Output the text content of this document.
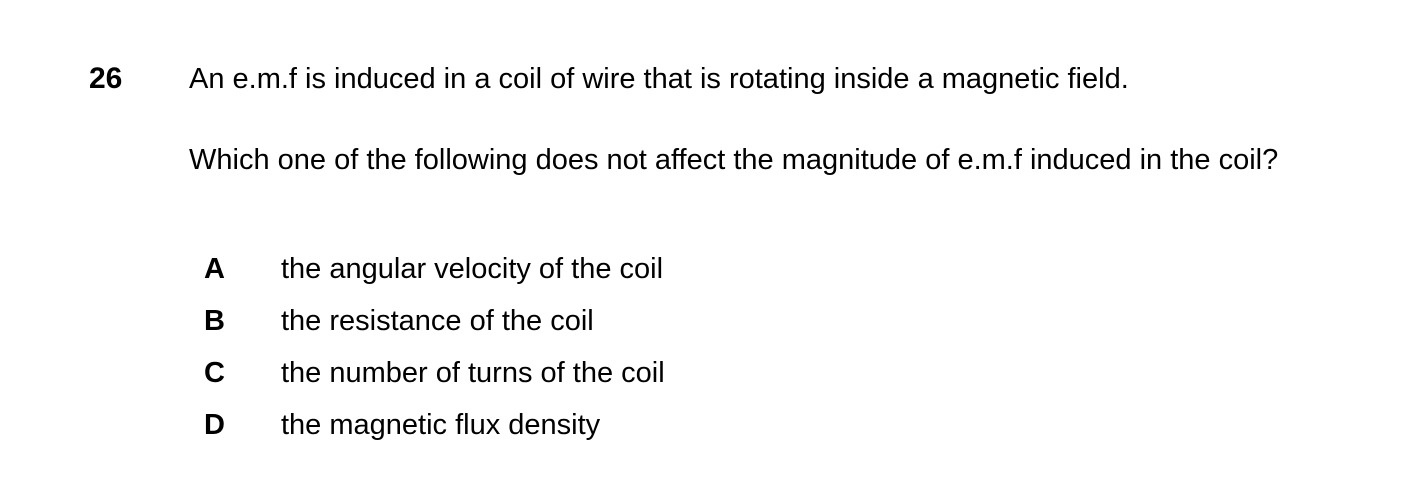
26 An e.m.f is induced in a coil of wire that is rotating inside a magnetic field.
Which one of the following does not affect the magnitude of e.m.f induced in the coil?
A	the angular velocity of the coil
B	the resistance of the coil
C	the number of turns of the coil
D	the magnetic flux density
